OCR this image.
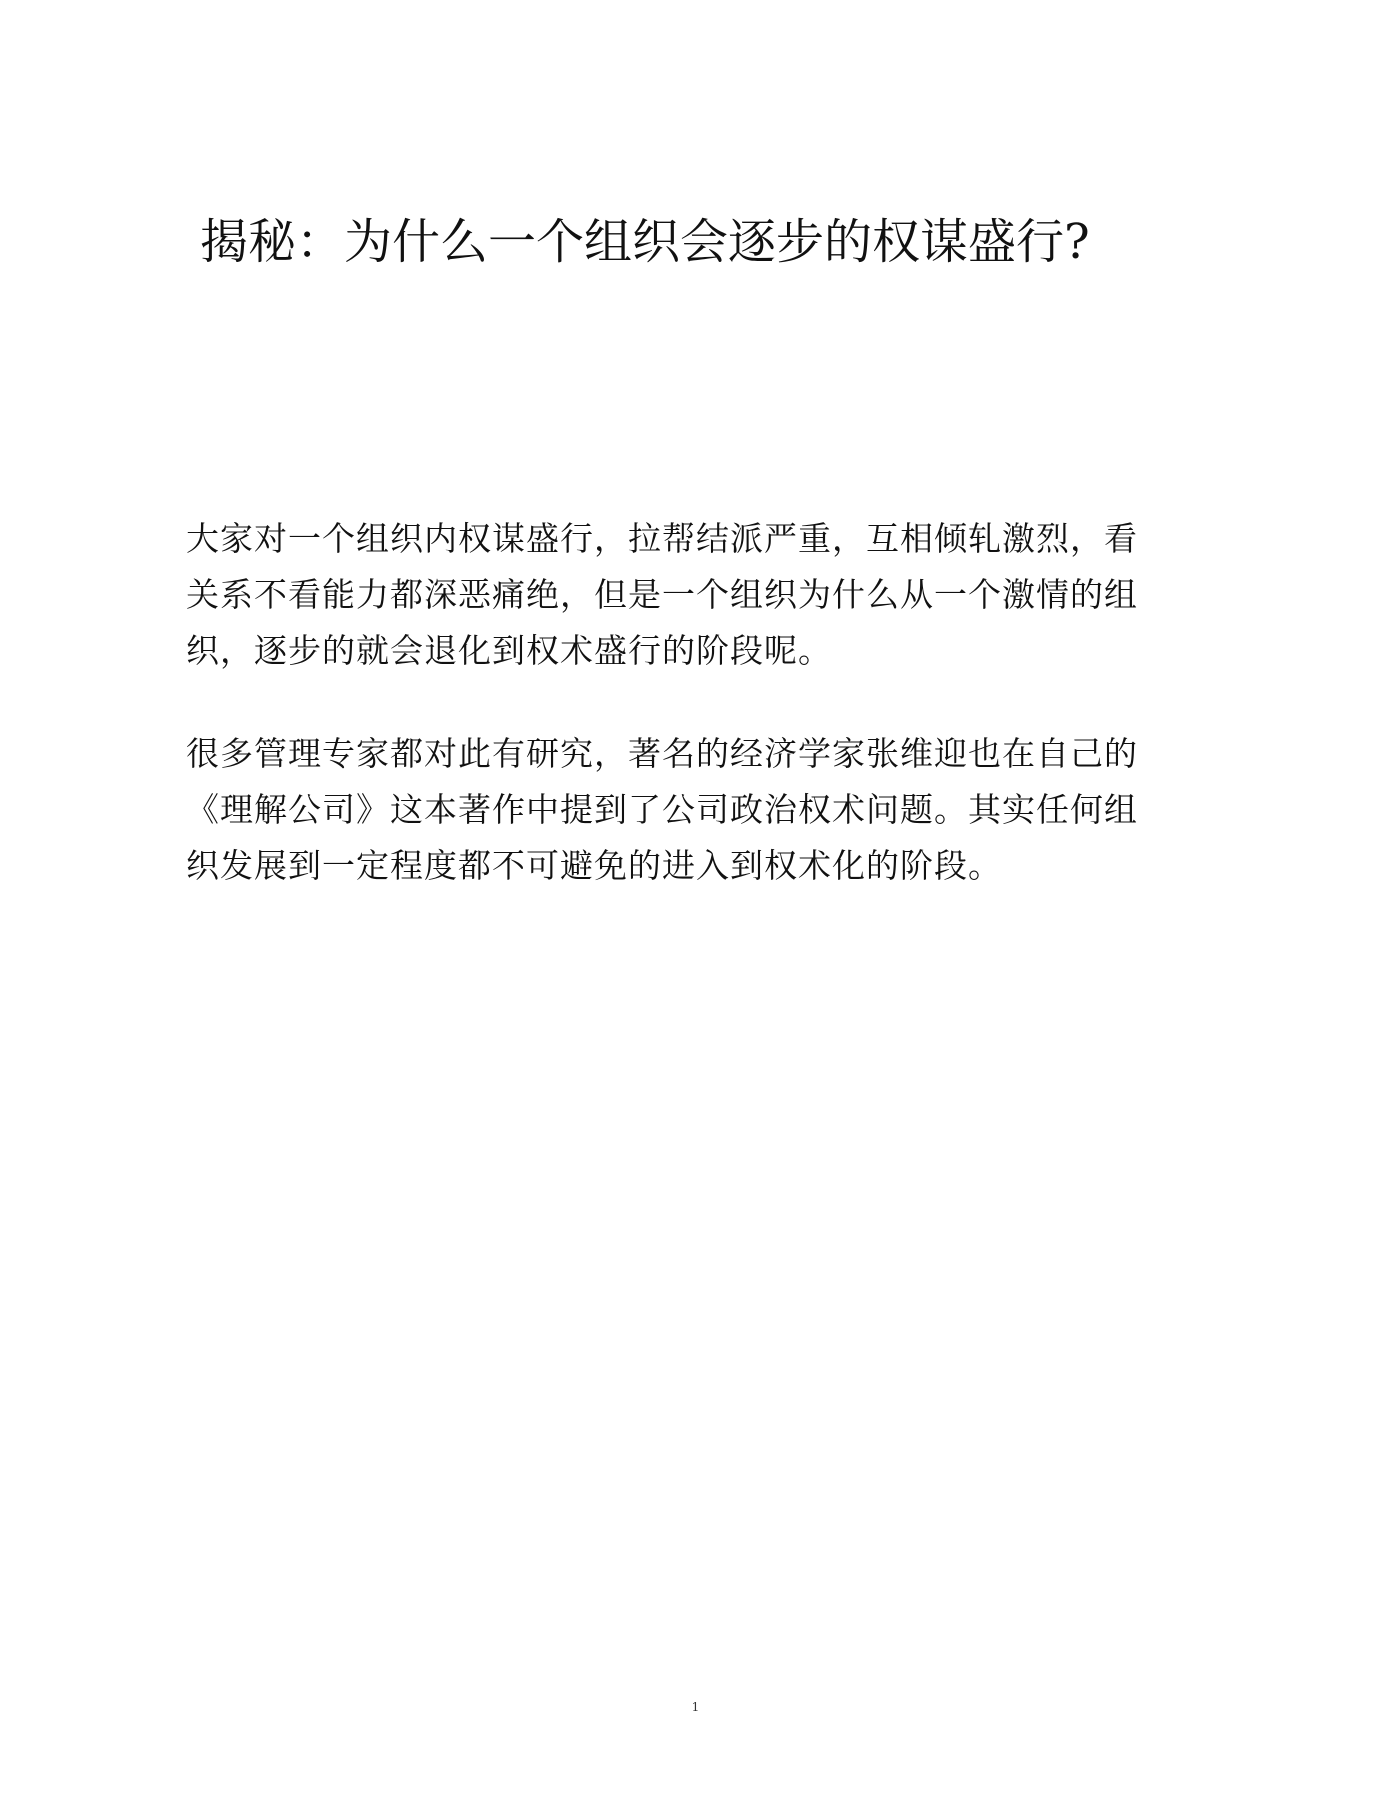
揭秘：为什么一个组织会逐步的权谋盛行?

大家对一个组织内权谋盛行，拉帮结派严重，互相倾轧激烈，看
关系不看能力都深恶痛绝，但是一个组织为什么从一个激情的组
织，逐步的就会退化到权术盛行的阶段呢。

很多管理专家都对此有研究，著名的经济学家张维迎也在自己的
《理解公司》这本著作中提到了公司政治权术问题。其实任何组
织发展到一定程度都不可避免的进入到权术化的阶段。

1
